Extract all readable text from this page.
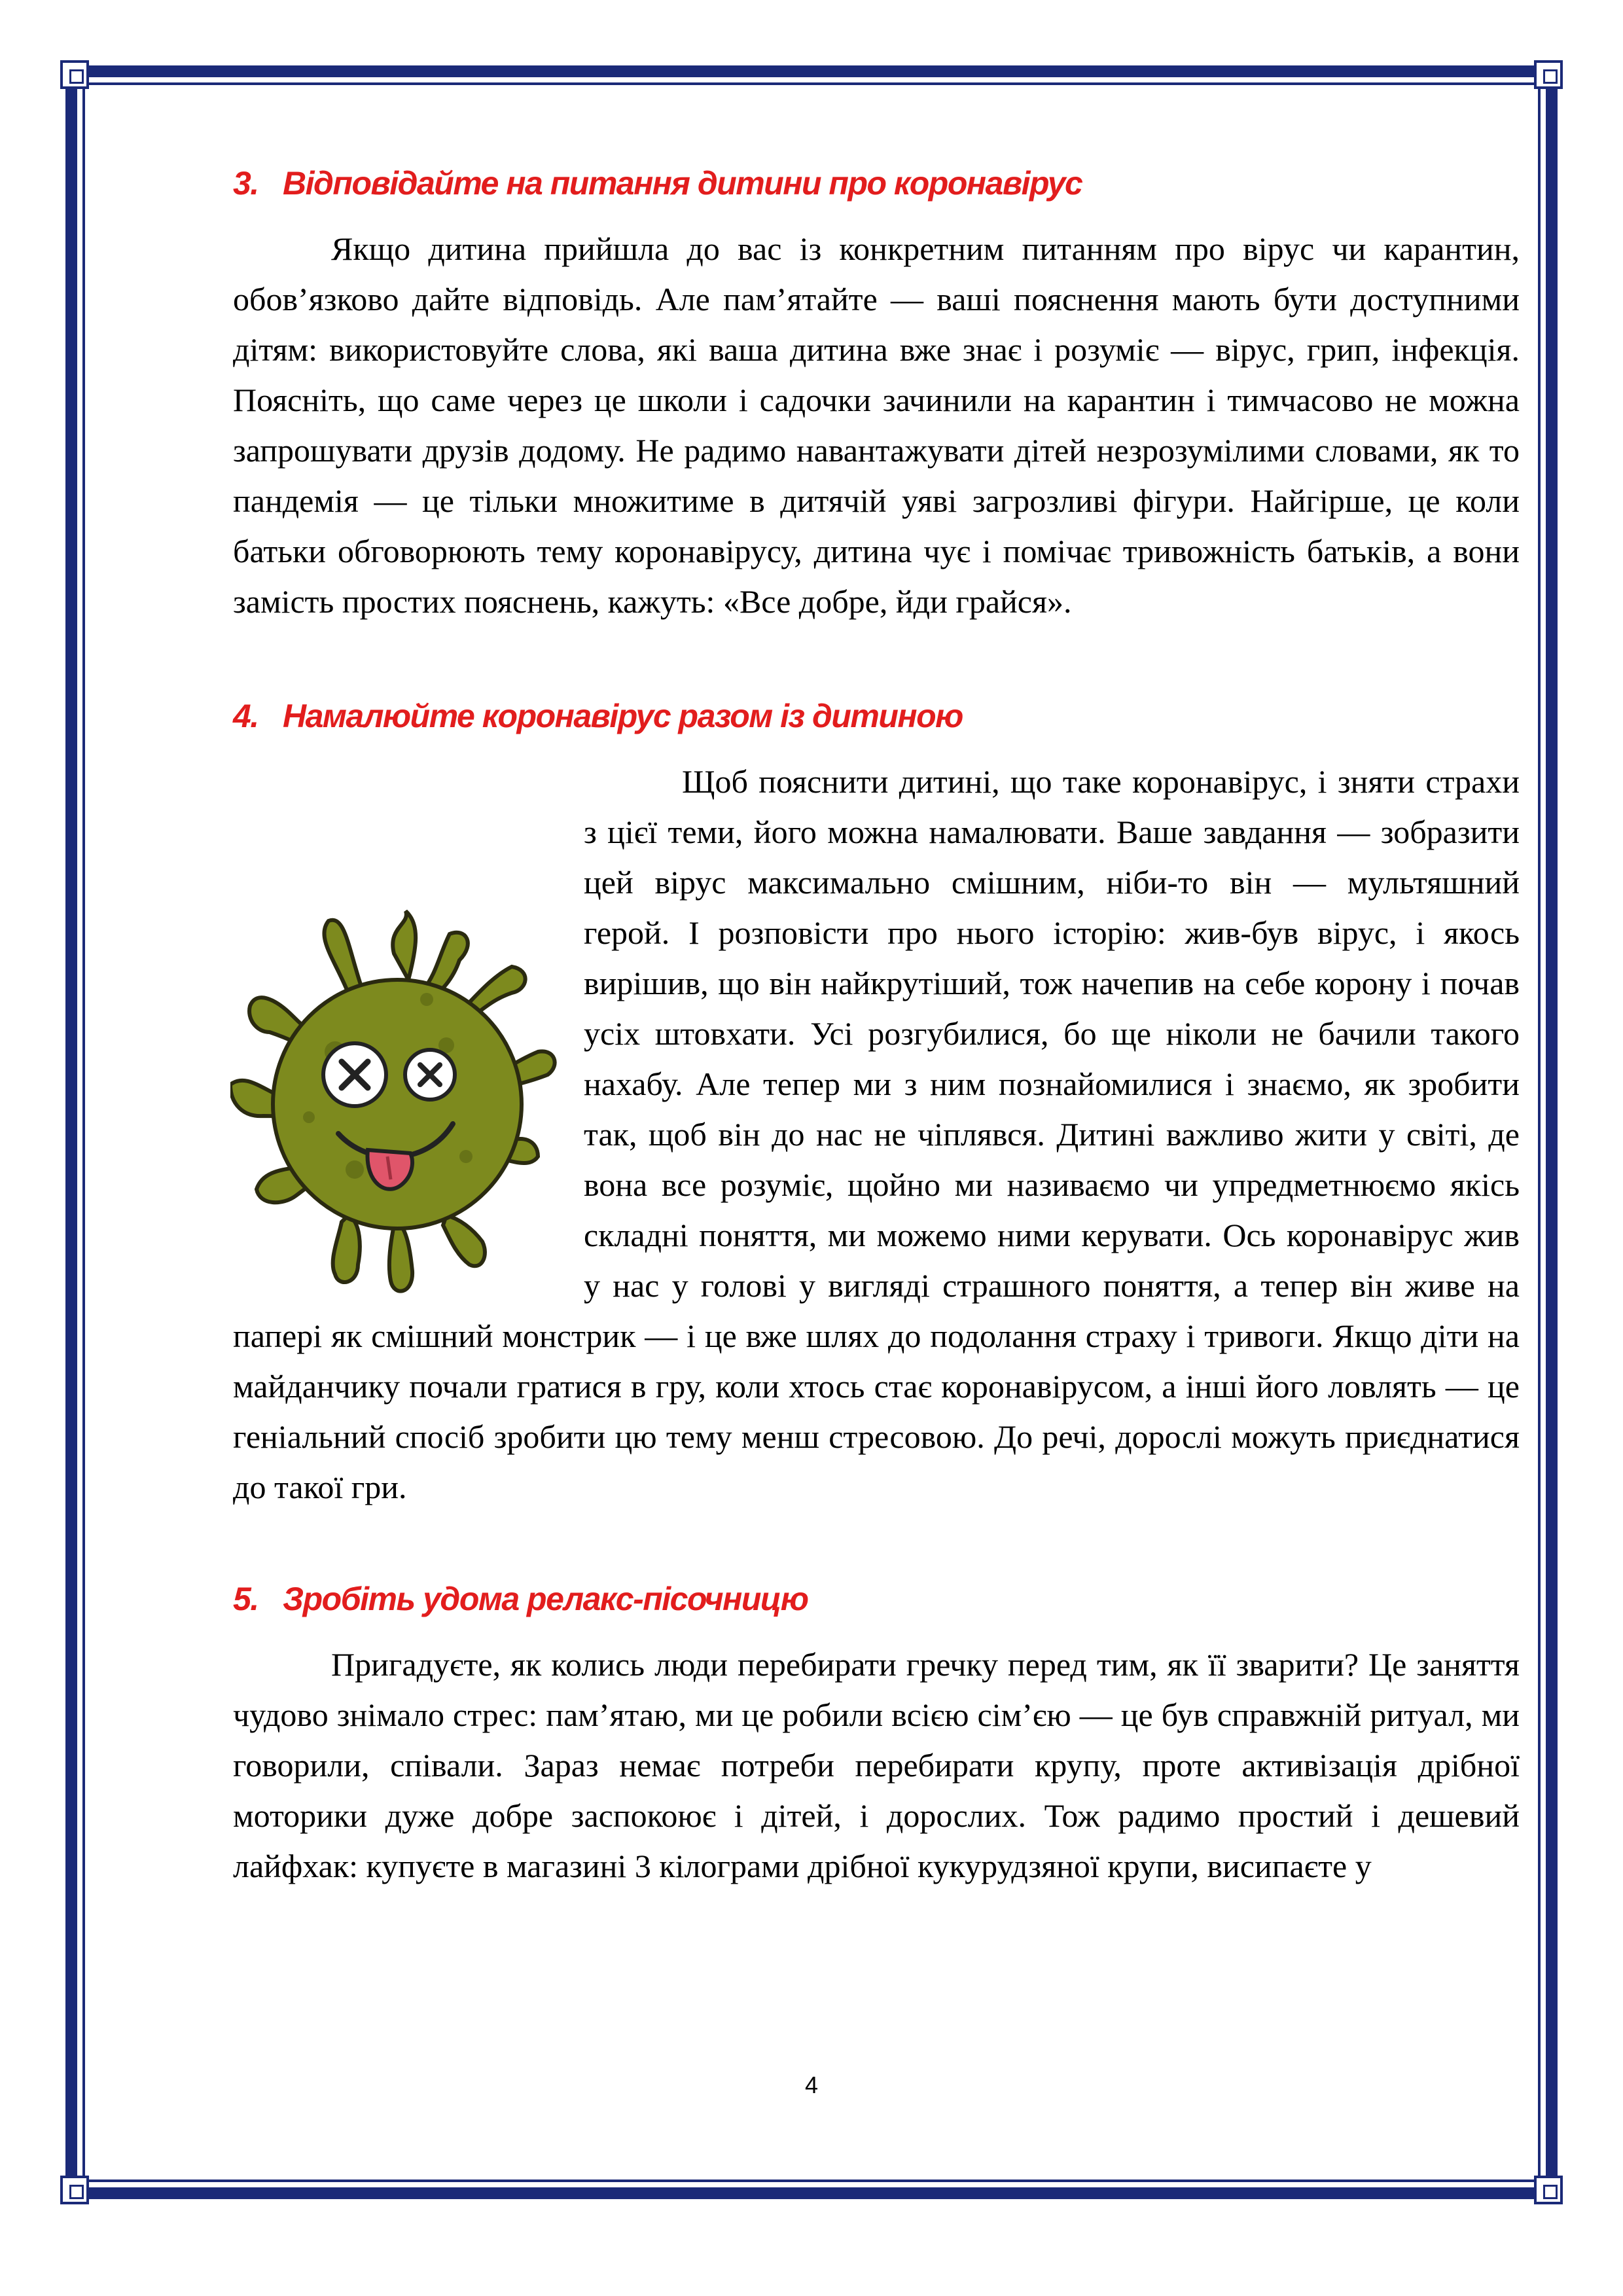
3. Відповідайте на питання дитини про коронавірус

Якщо дитина прийшла до вас із конкретним питанням про вірус чи карантин, обов’язково дайте відповідь. Але пам’ятайте — ваші пояснення мають бути доступними дітям: використовуйте слова, які ваша дитина вже знає і розуміє — вірус, грип, інфекція. Поясніть, що саме через це школи і садочки зачинили на карантин і тимчасово не можна запрошувати друзів додому. Не радимо навантажувати дітей незрозумілими словами, як то пандемія — це тільки множитиме в дитячій уяві загрозливі фігури. Найгірше, це коли батьки обговорюють тему коронавірусу, дитина чує і помічає тривожність батьків, а вони замість простих пояснень, кажуть: «Все добре, йди грайся».

4. Намалюйте коронавірус разом із дитиною

Щоб пояснити дитині, що таке коронавірус, і зняти страхи з цієї теми, його можна намалювати. Ваше завдання — зобразити цей вірус максимально смішним, ніби-то він — мультяшний герой. І розповісти про нього історію: жив-був вірус, і якось вирішив, що він найкрутіший, тож начепив на себе корону і почав усіх штовхати. Усі розгубилися, бо ще ніколи не бачили такого нахабу. Але тепер ми з ним познайомилися і знаємо, як зробити так, щоб він до нас не чіплявся. Дитині важливо жити у світі, де вона все розуміє, щойно ми називаємо чи упредметнюємо якісь складні поняття, ми можемо ними керувати. Ось коронавірус жив у нас у голові у вигляді страшного поняття, а тепер він живе на папері як смішний монстрик — і це вже шлях до подолання страху і тривоги. Якщо діти на майданчику почали гратися в гру, коли хтось стає коронавірусом, а інші його ловлять — це геніальний спосіб зробити цю тему менш стресовою. До речі, дорослі можуть приєднатися до такої гри.

5. Зробіть удома релакс-пісочницю

Пригадуєте, як колись люди перебирати гречку перед тим, як її зварити? Це заняття чудово знімало стрес: пам’ятаю, ми це робили всією сім’єю — це був справжній ритуал, ми говорили, співали. Зараз немає потреби перебирати крупу, проте активізація дрібної моторики дуже добре заспокоює і дітей, і дорослих. Тож радимо простий і дешевий лайфхак: купуєте в магазині 3 кілограми дрібної кукурудзяної крупи, висипаєте у

4
